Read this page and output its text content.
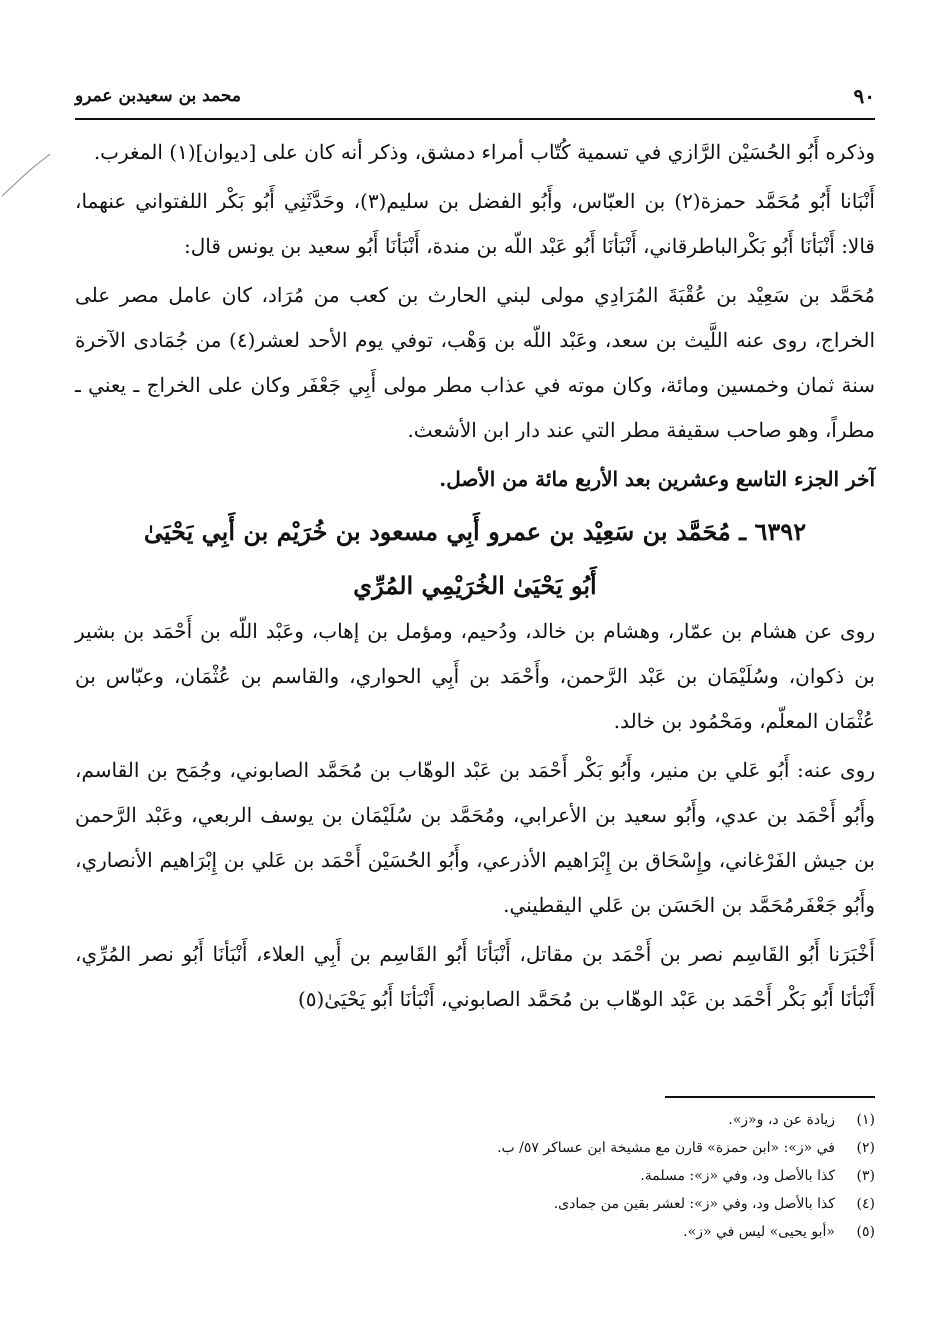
٩٠
محمد بن سعيدبن عمرو

وذكره أَبُو الحُسَيْن الرَّازي في تسمية كُتّاب أمراء دمشق، وذكر أنه كان على [ديوان](١) المغرب.

أَنْبَانا أَبُو مُحَمَّد حمزة(٢) بن العبّاس، وأَبُو الفضل بن سليم(٣)، وحَدَّثَنِي أَبُو بَكْر اللفتواني عنهما، قالا: أَنْبَأنَا أَبُو بَكْرالباطرقاني، أَنْبَأنَا أَبُو عَبْد اللّه بن مندة، أَنْبَأنَا أَبُو سعيد بن يونس قال:

مُحَمَّد بن سَعِيْد بن عُقْبَةَ المُرَادِي مولى لبني الحارث بن كعب من مُرَاد، كان عامل مصر على الخراج، روى عنه اللَّيث بن سعد، وعَبْد اللّه بن وَهْب، توفي يوم الأحد لعشر(٤) من جُمَادى الآخرة سنة ثمان وخمسين ومائة، وكان موته في عذاب مطر مولى أَبِي جَعْفَر وكان على الخراج ـ يعني ـ مطراً، وهو صاحب سقيفة مطر التي عند دار ابن الأشعث.

آخر الجزء التاسع وعشرين بعد الأربع مائة من الأصل.

٦٣٩٢ ـ مُحَمَّد بن سَعِيْد بن عمرو أَبِي مسعود بن خُرَيْم بن أَبِي يَحْيَىٰ
أَبُو يَحْيَىٰ الخُرَيْمِي المُرِّي

روى عن هشام بن عمّار، وهشام بن خالد، ودُحيم، ومؤمل بن إهاب، وعَبْد اللّه بن أَحْمَد بن بشير بن ذكوان، وسُلَيْمَان بن عَبْد الرَّحمن، وأَحْمَد بن أَبِي الحواري، والقاسم بن عُثْمَان، وعبّاس بن عُثْمَان المعلّم، ومَحْمُود بن خالد.

روى عنه: أَبُو عَلي بن منير، وأَبُو بَكْر أَحْمَد بن عَبْد الوهّاب بن مُحَمَّد الصابوني، وجُمَح بن القاسم، وأَبُو أَحْمَد بن عدي، وأَبُو سعيد بن الأعرابي، ومُحَمَّد بن سُلَيْمَان بن يوسف الربعي، وعَبْد الرَّحمن بن جيش الفَرْغاني، وإِسْحَاق بن إِبْرَاهيم الأذرعي، وأَبُو الحُسَيْن أَحْمَد بن عَلي بن إِبْرَاهيم الأنصاري، وأَبُو جَعْفَرمُحَمَّد بن الحَسَن بن عَلي اليقطيني.

أَخْبَرَنا أَبُو القَاسِم نصر بن أَحْمَد بن مقاتل، أَنْبَأنَا أَبُو القَاسِم بن أَبِي العلاء، أَنْبَأنَا أَبُو نصر المُرِّي، أَنْبَأنَا أَبُو بَكْر أَحْمَد بن عَبْد الوهّاب بن مُحَمَّد الصابوني، أَنْبَأنَا أَبُو يَحْيَىٰ(٥)

(١)
زيادة عن د، و«ز».
(٢)
في «ز»: «ابن حمزة» قارن مع مشيخة ابن عساكر ٥٧/ ب.
(٣)
كذا بالأصل ود، وفي «ز»: مسلمة.
(٤)
كذا بالأصل ود، وفي «ز»: لعشر بقين من جمادى.
(٥)
«أبو يحيى» ليس في «ز».
